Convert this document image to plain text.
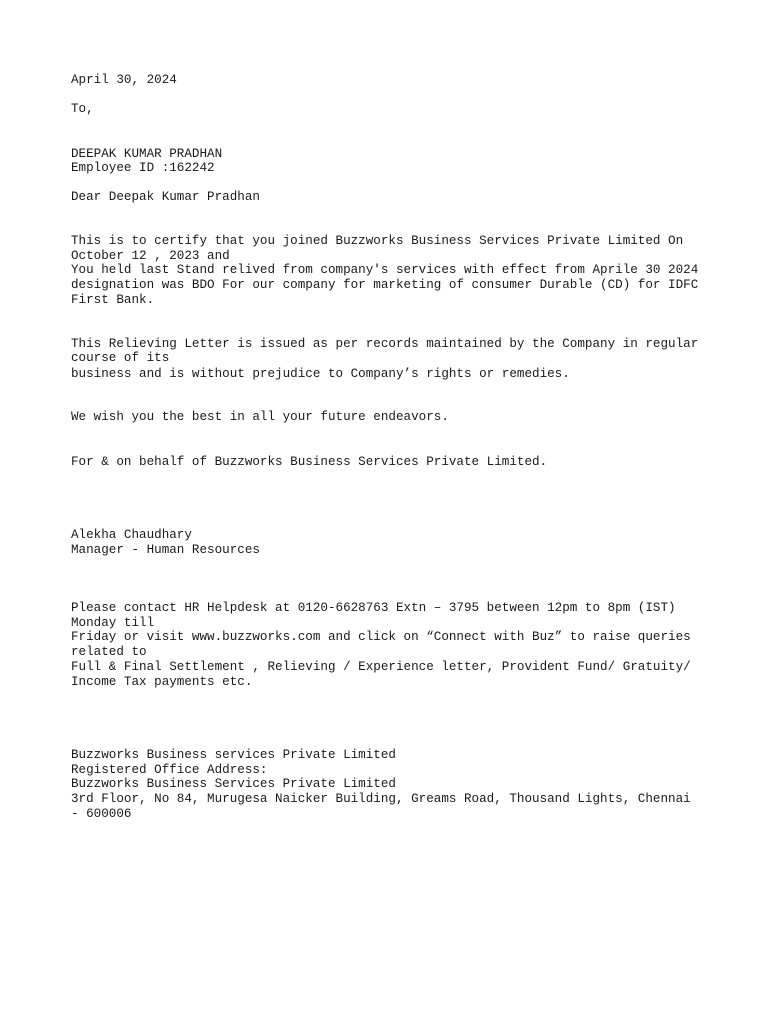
April 30, 2024
To,
DEEPAK KUMAR PRADHAN
Employee ID :162242
Dear Deepak Kumar Pradhan
This is to certify that you joined Buzzworks Business Services Private Limited On
October 12 , 2023 and
You held last Stand relived from company's services with effect from Aprile 30 2024
designation was BDO For our company for marketing of consumer Durable (CD) for IDFC
First Bank.
This Relieving Letter is issued as per records maintained by the Company in regular
course of its
business and is without prejudice to Company’s rights or remedies.
We wish you the best in all your future endeavors.
For & on behalf of Buzzworks Business Services Private Limited.
Alekha Chaudhary
Manager - Human Resources
Please contact HR Helpdesk at 0120-6628763 Extn – 3795 between 12pm to 8pm (IST)
Monday till
Friday or visit www.buzzworks.com and click on “Connect with Buz” to raise queries
related to
Full & Final Settlement , Relieving / Experience letter, Provident Fund/ Gratuity/
Income Tax payments etc.
Buzzworks Business services Private Limited
Registered Office Address:
Buzzworks Business Services Private Limited
3rd Floor, No 84, Murugesa Naicker Building, Greams Road, Thousand Lights, Chennai
- 600006
